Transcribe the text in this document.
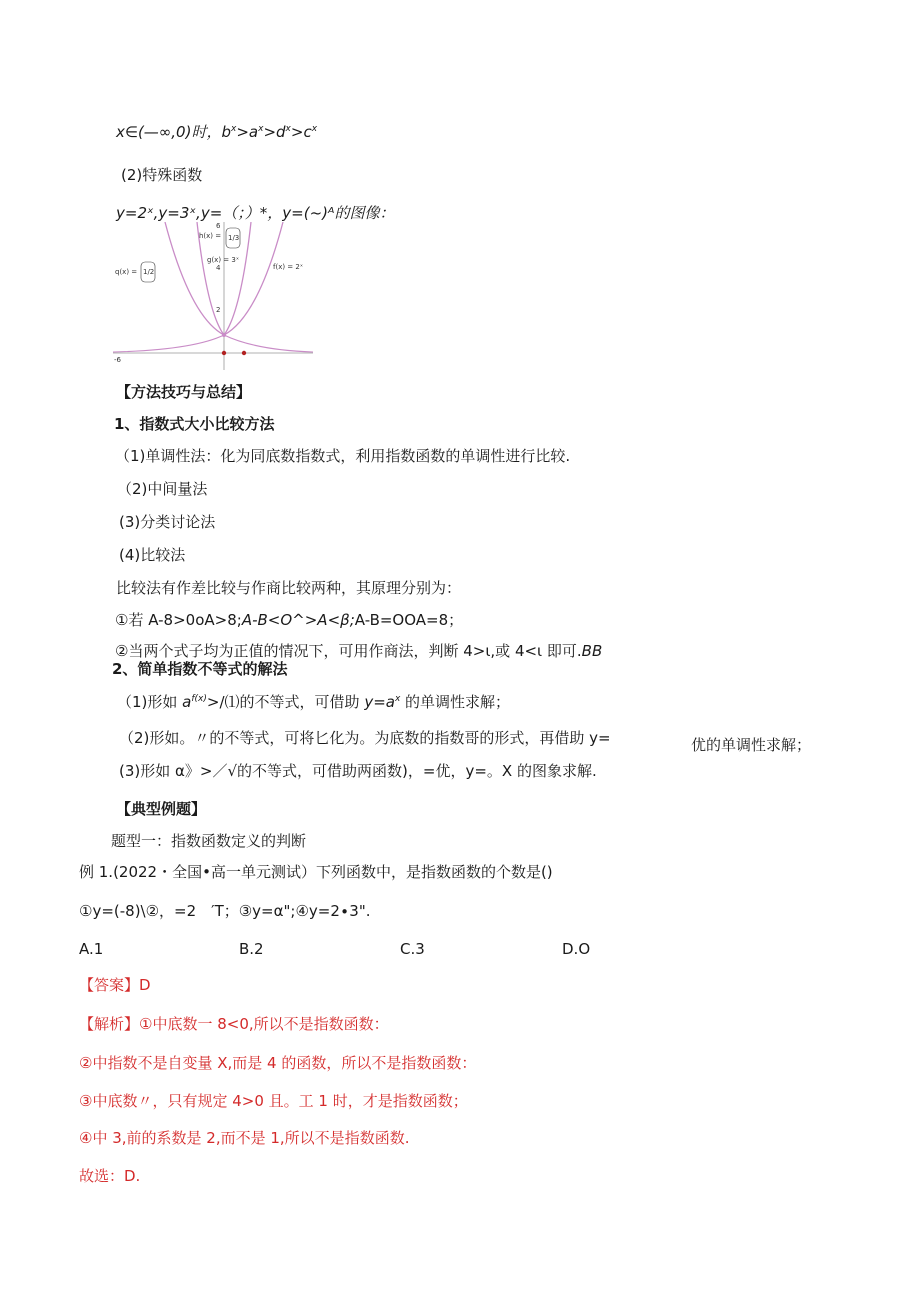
x∈(—∞,0)时，$b^x>a^x>d^x>c^x$
(2)特殊函数
y=2ˣ,y=3ˣ,y=（；）*，y=(~)ᴬ的图像：
6
4
2
-6
h(x) = 1/3
g(x) = 3ˣ
q(x) = 1/2
f(x) = 2ˣ
【方法技巧与总结】
1、指数式大小比较方法
（1)单调性法：化为同底数指数式，利用指数函数的单调性进行比较.
（2)中间量法
(3)分类讨论法
(4)比较法
比较法有作差比较与作商比较两种，其原理分别为：
①若 A-8>0oA>8;A-B<O^>A<β;A-B=OOA=8；
②当两个式子均为正值的情况下，可用作商法，判断 4>ι,或 4<ι 即可.BB
2、简单指数不等式的解法
（1)形如 $a^{f(x)}>/⑴$的不等式，可借助 $y=a^x$ 的单调性求解；
（2)形如。〃的不等式，可将匕化为。为底数的指数哥的形式，再借助 y=	优的单调性求解；
(3)形如 α》>／√的不等式，可借助两函数)，=优，y=。X 的图象求解.
【典型例题】
题型一：指数函数定义的判断
例 1.(2022・全国•高一单元测试）下列函数中，是指数函数的个数是()
①y=(-8)\②，=2　′T；③y=α";④y=2∙3".
A.1	B.2	C.3	D.O
【答案】D
【解析】①中底数一 8<0,所以不是指数函数：
②中指数不是自变量 X,而是 4 的函数，所以不是指数函数：
③中底数〃，只有规定 4>0 且。工 1 时，才是指数函数；
④中 3,前的系数是 2,而不是 1,所以不是指数函数.
故选：D.
